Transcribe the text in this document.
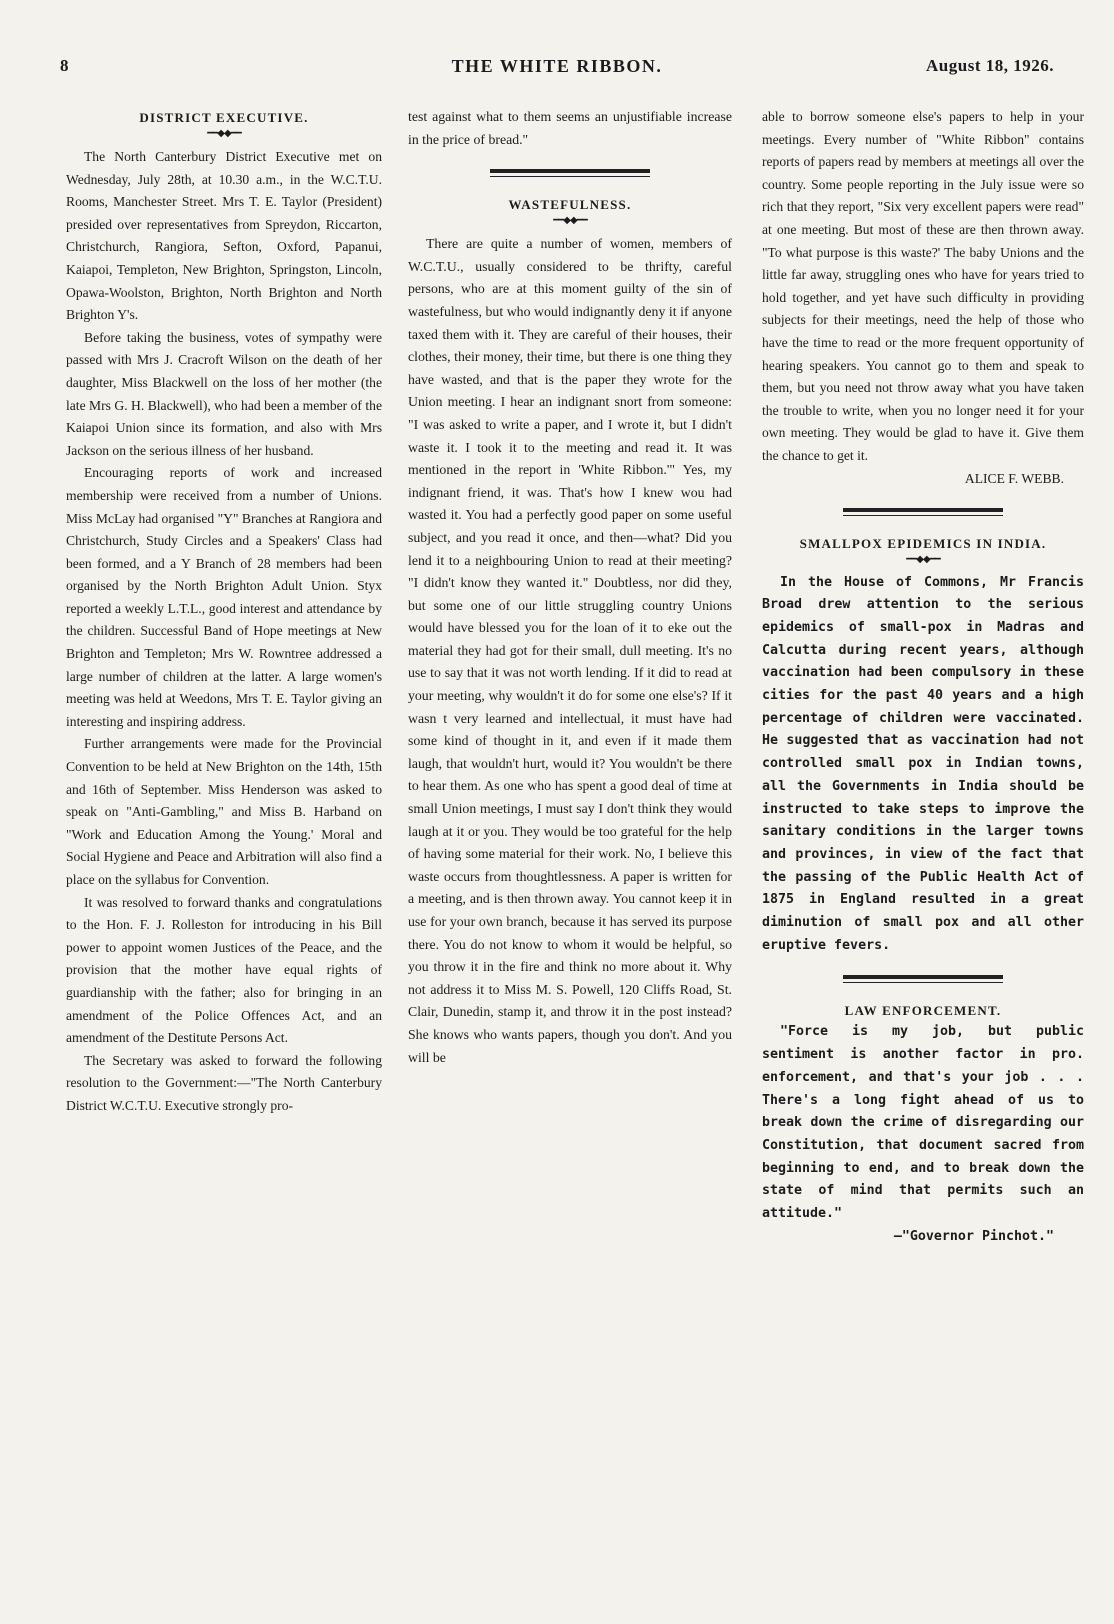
8	THE WHITE RIBBON.	August 18, 1926.
DISTRICT EXECUTIVE.
━━◆◆━━

The North Canterbury District Executive met on Wednesday, July 28th, at 10.30 a.m., in the W.C.T.U. Rooms, Manchester Street. Mrs T. E. Taylor (President) presided over representatives from Spreydon, Riccarton, Christchurch, Rangiora, Sefton, Oxford, Papanui, Kaiapoi, Templeton, New Brighton, Springston, Lincoln, Opawa-Woolston, Brighton, North Brighton and North Brighton Y's.

Before taking the business, votes of sympathy were passed with Mrs J. Cracroft Wilson on the death of her daughter, Miss Blackwell on the loss of her mother (the late Mrs G. H. Blackwell), who had been a member of the Kaiapoi Union since its formation, and also with Mrs Jackson on the serious illness of her husband.

Encouraging reports of work and increased membership were received from a number of Unions. Miss McLay had organised "Y" Branches at Rangiora and Christchurch, Study Circles and a Speakers' Class had been formed, and a Y Branch of 28 members had been organised by the North Brighton Adult Union. Styx reported a weekly L.T.L., good interest and attendance by the children. Successful Band of Hope meetings at New Brighton and Templeton; Mrs W. Rowntree addressed a large number of children at the latter. A large women's meeting was held at Weedons, Mrs T. E. Taylor giving an interesting and inspiring address.

Further arrangements were made for the Provincial Convention to be held at New Brighton on the 14th, 15th and 16th of September. Miss Henderson was asked to speak on "Anti-Gambling," and Miss B. Harband on "Work and Education Among the Young.' Moral and Social Hygiene and Peace and Arbitration will also find a place on the syllabus for Convention.

It was resolved to forward thanks and congratulations to the Hon. F. J. Rolleston for introducing in his Bill power to appoint women Justices of the Peace, and the provision that the mother have equal rights of guardianship with the father; also for bringing in an amendment of the Police Offences Act, and an amendment of the Destitute Persons Act.

The Secretary was asked to forward the following resolution to the Government:—"The North Canterbury District W.C.T.U. Executive strongly pro-

test against what to them seems an unjustifiable increase in the price of bread."

WASTEFULNESS.
━━◆◆━━

There are quite a number of women, members of W.C.T.U., usually considered to be thrifty, careful persons, who are at this moment guilty of the sin of wastefulness, but who would indignantly deny it if anyone taxed them with it. They are careful of their houses, their clothes, their money, their time, but there is one thing they have wasted, and that is the paper they wrote for the Union meeting. I hear an indignant snort from someone: "I was asked to write a paper, and I wrote it, but I didn't waste it. I took it to the meeting and read it. It was mentioned in the report in 'White Ribbon.'" Yes, my indignant friend, it was. That's how I knew wou had wasted it. You had a perfectly good paper on some useful subject, and you read it once, and then—what? Did you lend it to a neighbouring Union to read at their meeting? "I didn't know they wanted it." Doubtless, nor did they, but some one of our little struggling country Unions would have blessed you for the loan of it to eke out the material they had got for their small, dull meeting. It's no use to say that it was not worth lending. If it did to read at your meeting, why wouldn't it do for some one else's? If it wasn t very learned and intellectual, it must have had some kind of thought in it, and even if it made them laugh, that wouldn't hurt, would it? You wouldn't be there to hear them. As one who has spent a good deal of time at small Union meetings, I must say I don't think they would laugh at it or you. They would be too grateful for the help of having some material for their work. No, I believe this waste occurs from thoughtlessness. A paper is written for a meeting, and is then thrown away. You cannot keep it in use for your own branch, because it has served its purpose there. You do not know to whom it would be helpful, so you throw it in the fire and think no more about it. Why not address it to Miss M. S. Powell, 120 Cliffs Road, St. Clair, Dunedin, stamp it, and throw it in the post instead? She knows who wants papers, though you don't. And you will be

able to borrow someone else's papers to help in your meetings. Every number of "White Ribbon" contains reports of papers read by members at meetings all over the country. Some people reporting in the July issue were so rich that they report, "Six very excellent papers were read" at one meeting. But most of these are then thrown away. "To what purpose is this waste?' The baby Unions and the little far away, struggling ones who have for years tried to hold together, and yet have such difficulty in providing subjects for their meetings, need the help of those who have the time to read or the more frequent opportunity of hearing speakers. You cannot go to them and speak to them, but you need not throw away what you have taken the trouble to write, when you no longer need it for your own meeting. They would be glad to have it. Give them the chance to get it.

ALICE F. WEBB.
SMALLPOX EPIDEMICS IN INDIA.
━━◆◆━━

In the House of Commons, Mr Francis Broad drew attention to the serious epidemics of small-pox in Madras and Calcutta during recent years, although vaccination had been compulsory in these cities for the past 40 years and a high percentage of children were vaccinated. He suggested that as vaccination had not controlled small pox in Indian towns, all the Governments in India should be instructed to take steps to improve the sanitary conditions in the larger towns and provinces, in view of the fact that the passing of the Public Health Act of 1875 in England resulted in a great diminution of small pox and all other eruptive fevers.

LAW ENFORCEMENT.

"Force is my job, but public sentiment is another factor in pro. enforcement, and that's your job . . . There's a long fight ahead of us to break down the crime of disregarding our Constitution, that document sacred from beginning to end, and to break down the state of mind that permits such an attitude."

—"Governor Pinchot."
